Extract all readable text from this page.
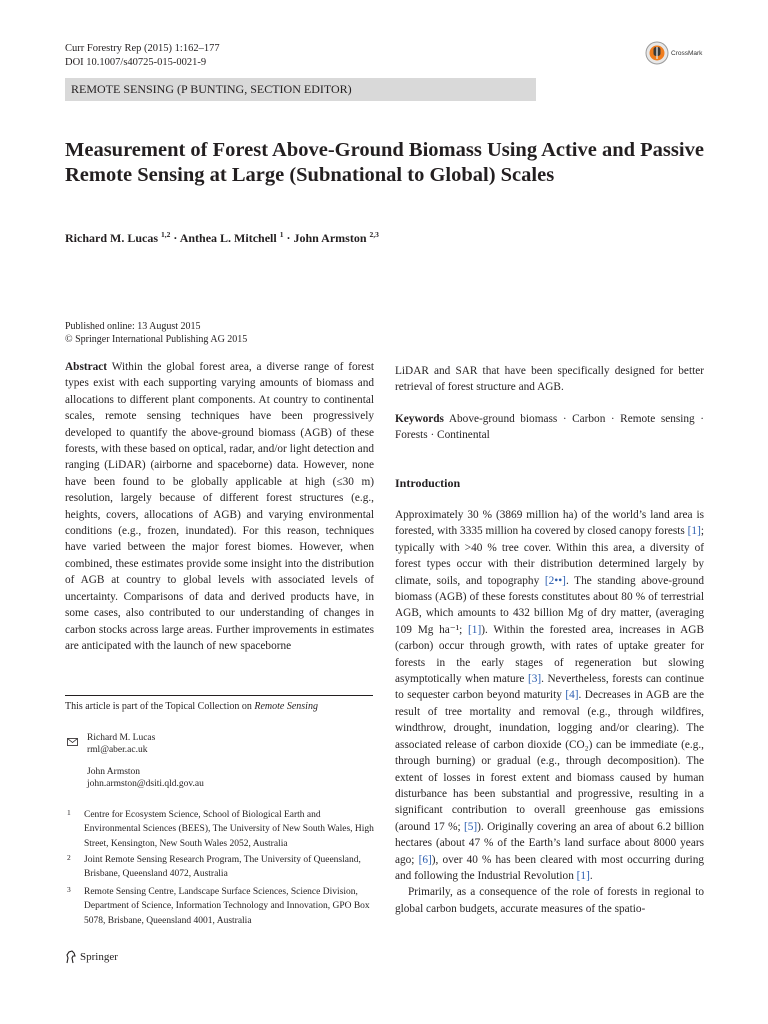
Curr Forestry Rep (2015) 1:162–177
DOI 10.1007/s40725-015-0021-9
CrossMark
REMOTE SENSING (P BUNTING, SECTION EDITOR)
Measurement of Forest Above-Ground Biomass Using Active and Passive Remote Sensing at Large (Subnational to Global) Scales
Richard M. Lucas $^{1,2}$ · Anthea L. Mitchell $^1$ · John Armston $^{2,3}$
Published online: 13 August 2015
© Springer International Publishing AG 2015
Abstract Within the global forest area, a diverse range of forest types exist with each supporting varying amounts of biomass and allocations to different plant components. At country to continental scales, remote sensing techniques have been progressively developed to quantify the above-ground biomass (AGB) of these forests, with these based on optical, radar, and/or light detection and ranging (LiDAR) (airborne and spaceborne) data. However, none have been found to be globally applicable at high (≤30 m) resolution, largely because of different forest structures (e.g., heights, covers, allocations of AGB) and varying environmental conditions (e.g., frozen, inundated). For this reason, techniques have varied between the major forest biomes. However, when combined, these estimates provide some insight into the distribution of AGB at country to global levels with associated levels of uncertainty. Comparisons of data and derived products have, in some cases, also contributed to our understanding of changes in carbon stocks across large areas. Further improvements in estimates are anticipated with the launch of new spaceborne
LiDAR and SAR that have been specifically designed for better retrieval of forest structure and AGB.
Keywords Above-ground biomass · Carbon · Remote sensing · Forests · Continental
Introduction

Approximately 30 % (3869 million ha) of the world’s land area is forested, with 3335 million ha covered by closed canopy forests [1]; typically with >40 % tree cover. Within this area, a diversity of forest types occur with their distribution determined largely by climate, soils, and topography [2••]. The standing above-ground biomass (AGB) of these forests constitutes about 80 % of terrestrial AGB, which amounts to 432 billion Mg of dry matter, (averaging 109 Mg ha⁻¹; [1]). Within the forested area, increases in AGB (carbon) occur through growth, with rates of uptake greater for forests in the early stages of regeneration but slowing asymptotically when mature [3]. Nevertheless, forests can continue to sequester carbon beyond maturity [4]. Decreases in AGB are the result of tree mortality and removal (e.g., through wildfires, windthrow, drought, inundation, logging and/or clearing). The associated release of carbon dioxide (CO₂) can be immediate (e.g., through burning) or gradual (e.g., through decomposition). The extent of losses in forest extent and biomass caused by human disturbance has been substantial and progressive, resulting in a significant contribution to overall greenhouse gas emissions (around 17 %; [5]). Originally covering an area of about 6.2 billion hectares (about 47 % of the Earth’s land surface about 8000 years ago; [6]), over 40 % has been cleared with most occurring during and following the Industrial Revolution [1].

Primarily, as a consequence of the role of forests in regional to global carbon budgets, accurate measures of the spatio-

This article is part of the Topical Collection on Remote Sensing
Richard M. Lucas
rml@aber.ac.uk
John Armston
john.armston@dsiti.qld.gov.au
1 Centre for Ecosystem Science, School of Biological Earth and Environmental Sciences (BEES), The University of New South Wales, High Street, Kensington, New South Wales 2052, Australia
2 Joint Remote Sensing Research Program, The University of Queensland, Brisbane, Queensland 4072, Australia
3 Remote Sensing Centre, Landscape Surface Sciences, Science Division, Department of Science, Information Technology and Innovation, GPO Box 5078, Brisbane, Queensland 4001, Australia
Springer
